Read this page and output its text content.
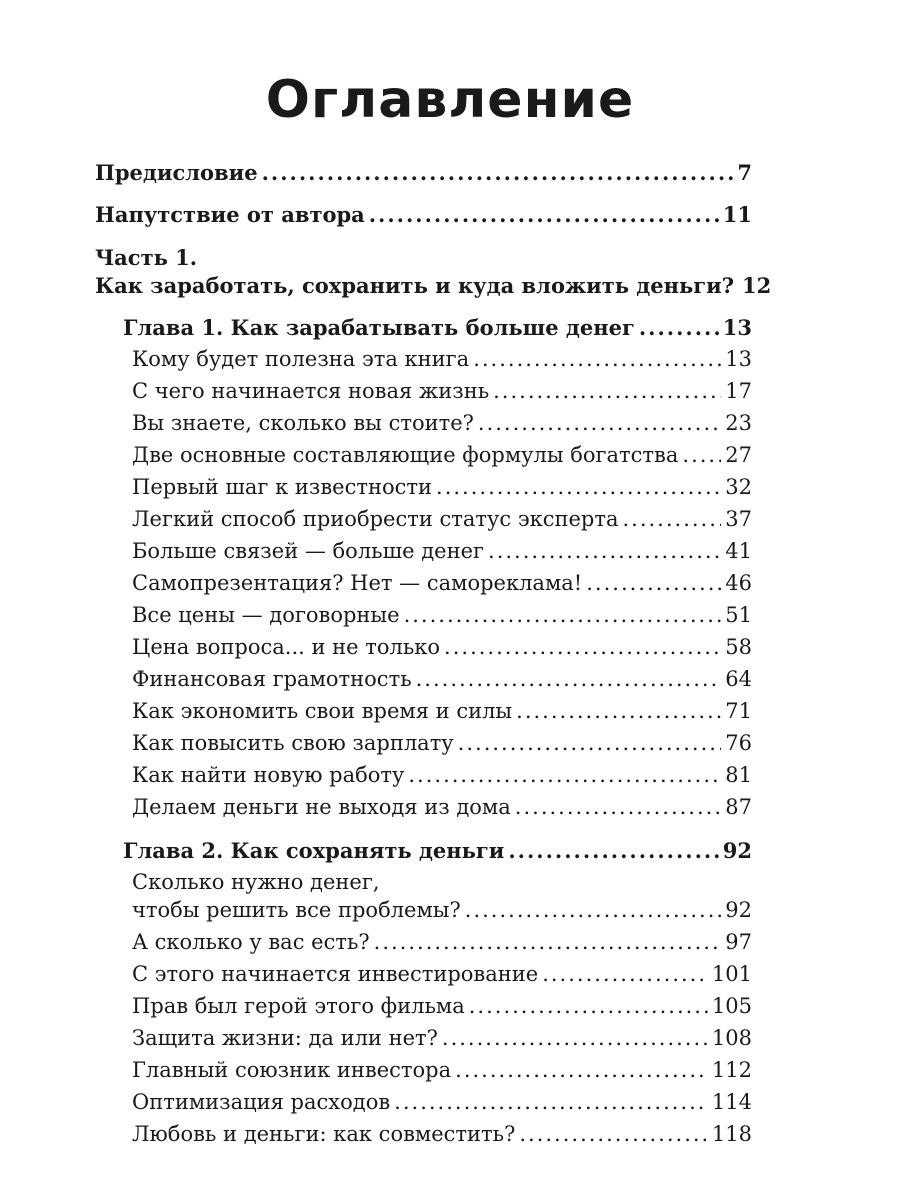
Оглавление
Предисловие .....	7
Напутствие от автора .....	11
Часть 1.
Как заработать, сохранить и куда вложить деньги? 12
Глава 1. Как зарабатывать больше денег .....	13
Кому будет полезна эта книга .....	13
С чего начинается новая жизнь .....	17
Вы знаете, сколько вы стоите? .....	23
Две основные составляющие формулы богатства ..... 27
Первый шаг к известности .....	32
Легкий способ приобрести статус эксперта .....	37
Больше связей — больше денег .....	41
Самопрезентация? Нет — самореклама! .....	46
Все цены — договорные .....	51
Цена вопроса... и не только .....	58
Финансовая грамотность .....	64
Как экономить свои время и силы .....	71
Как повысить свою зарплату .....	76
Как найти новую работу .....	81
Делаем деньги не выходя из дома .....	87
Глава 2. Как сохранять деньги .....	92
Сколько нужно денег,
чтобы решить все проблемы? .....	92
А сколько у вас есть? .....	97
С этого начинается инвестирование .....	101
Прав был герой этого фильма .....	105
Защита жизни: да или нет? .....	108
Главный союзник инвестора .....	112
Оптимизация расходов .....	114
Любовь и деньги: как совместить? .....	118
